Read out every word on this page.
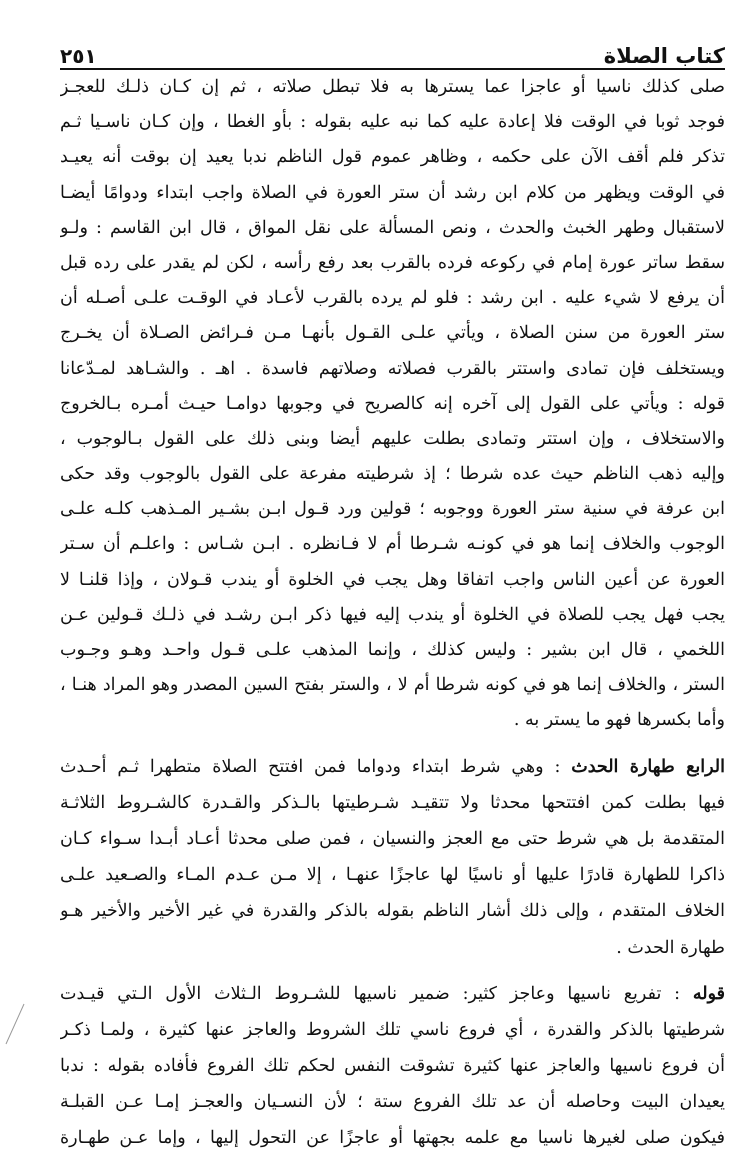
كتاب الصلاة
٢٥١
صلى كذلك ناسيا أو عاجزا عما يسترها به فلا تبطل صلاته ، ثم إن كـان ذلـك للعجـز
فوجد ثوبا في الوقت فلا إعادة عليه كما نبه عليه بقوله : بأو الغطا ، وإن كـان ناسـيا ثـم
تذكر فلم أقف الآن على حكمه ، وظاهر عموم قول الناظم ندبا يعيد إن بوقت أنه يعيـد
في الوقت ويظهر من كلام ابن رشد أن ستر العورة في الصلاة واجب ابتداء ودوامًا أيضـا
لاستقبال وطهر الخبث والحدث ، ونص المسألة على نقل المواق ، قال ابن القاسم : ولـو
سقط ساتر عورة إمام في ركوعه فرده بالقرب بعد رفع رأسه ، لكن لم يقدر على رده قبل
أن يرفع لا شيء عليه . ابن رشد : فلو لم يرده بالقرب لأعـاد في الوقـت علـى أصـله أن
ستر العورة من سنن الصلاة ، ويأتي علـى القـول بأنهـا مـن فـرائض الصـلاة أن يخـرج
ويستخلف فإن تمادى واستتر بالقرب فصلاته وصلاتهم فاسدة . اهـ . والشـاهد لمـدّعانا
قوله : ويأتي على القول إلى آخره إنه كالصريح في وجوبها دوامـا حيـث أمـره بـالخروج
والاستخلاف ، وإن استتر وتمادى بطلت عليهم أيضا وبنى ذلك على القول بـالوجوب ،
وإليه ذهب الناظم حيث عده شرطا ؛ إذ شرطيته مفرعة على القول بالوجوب وقد حكى
ابن عرفة في سنية ستر العورة ووجوبه ؛ قولين ورد قـول ابـن بشـير المـذهب كلـه علـى
الوجوب والخلاف إنما هو في كونـه شـرطا أم لا فـانظره . ابـن شـاس : واعلـم أن سـتر
العورة عن أعين الناس واجب اتفاقا وهل يجب في الخلوة أو يندب قـولان ، وإذا قلنـا لا
يجب فهل يجب للصلاة في الخلوة أو يندب إليه فيها ذكر ابـن رشـد في ذلـك قـولين عـن
اللخمي ، قال ابن بشير : وليس كذلك ، وإنما المذهب علـى قـول واحـد وهـو وجـوب
الستر ، والخلاف إنما هو في كونه شرطا أم لا ، والستر بفتح السين المصدر وهو المراد هنـا ،
وأما بكسرها فهو ما يستر به .
الرابع طهارة الحدث : وهي شرط ابتداء ودواما فمن افتتح الصلاة متطهرا ثـم أحـدث
فيها بطلت كمن افتتحها محدثا ولا تتقيـد شـرطيتها بالـذكر والقـدرة كالشـروط الثلاثـة
المتقدمة بل هي شرط حتى مع العجز والنسيان ، فمن صلى محدثا أعـاد أبـدا سـواء كـان
ذاكرا للطهارة قادرًا عليها أو ناسيًا لها عاجزًا عنهـا ، إلا مـن عـدم المـاء والصـعيد علـى
الخلاف المتقدم ، وإلى ذلك أشار الناظم بقوله بالذكر والقدرة في غير الأخير والأخير هـو
طهارة الحدث .
قوله : تفريع ناسيها وعاجز كثير: ضمير ناسيها للشـروط الـثلاث الأول الـتي قيـدت
شرطيتها بالذكر والقدرة ، أي فروع ناسي تلك الشروط والعاجز عنها كثيرة ، ولمـا ذكـر
أن فروع ناسيها والعاجز عنها كثيرة تشوقت النفس لحكم تلك الفروع فأفاده بقوله : ندبا
يعيدان البيت وحاصله أن عد تلك الفروع ستة ؛ لأن النسـيان والعجـز إمـا عـن القبلـة
فيكون صلى لغيرها ناسيا مع علمه بجهتها أو عاجزًا عن التحول إليها ، وإما عـن طهـارة
